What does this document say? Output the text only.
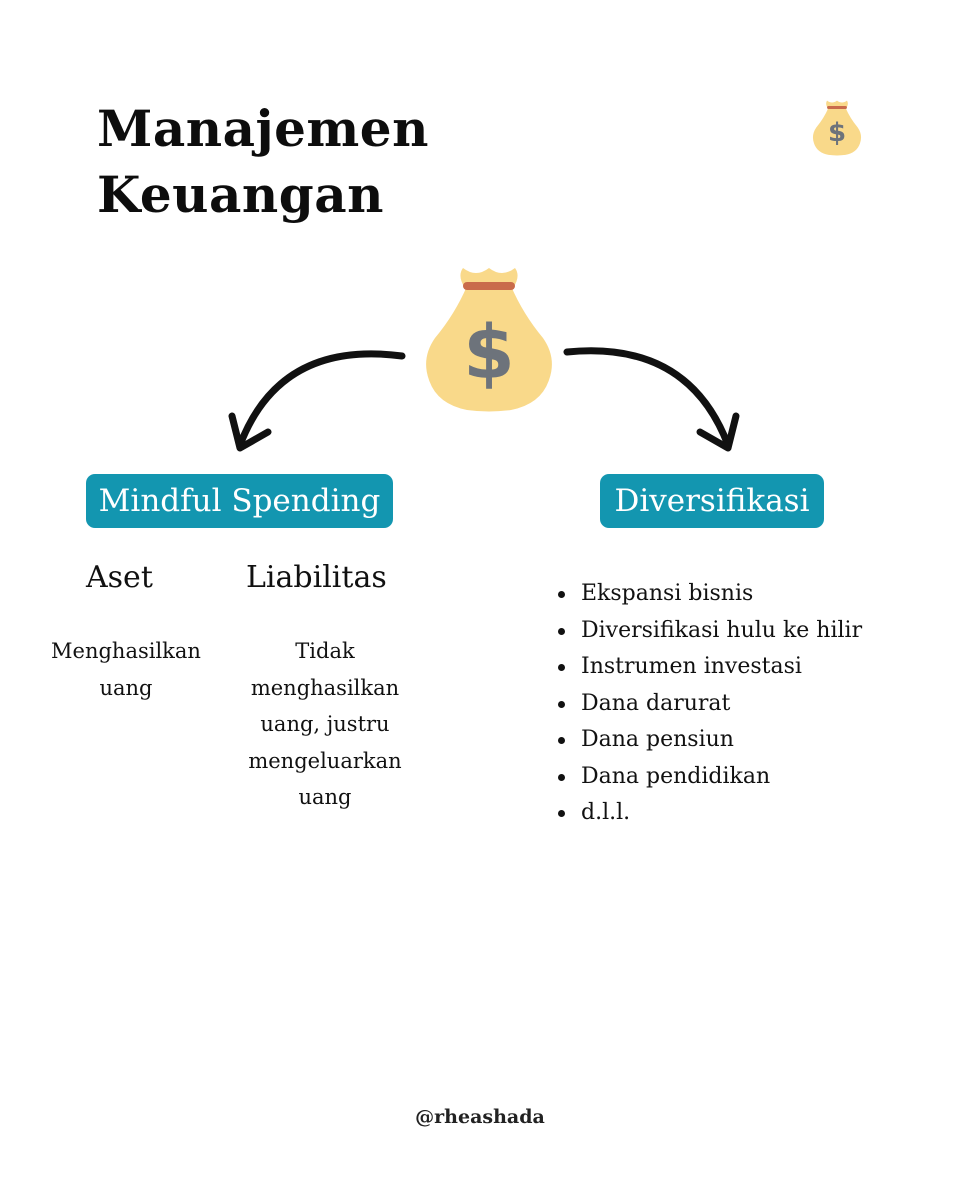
Manajemen
Keuangan
$
$
Mindful Spending
Aset	Liabilitas
Menghasilkan
uang
Tidak
menghasilkan
uang, justru
mengeluarkan
uang
Diversifikasi
Ekspansi bisnis
Diversifikasi hulu ke hilir
Instrumen investasi
Dana darurat
Dana pensiun
Dana pendidikan
d.l.l.
@rheashada
